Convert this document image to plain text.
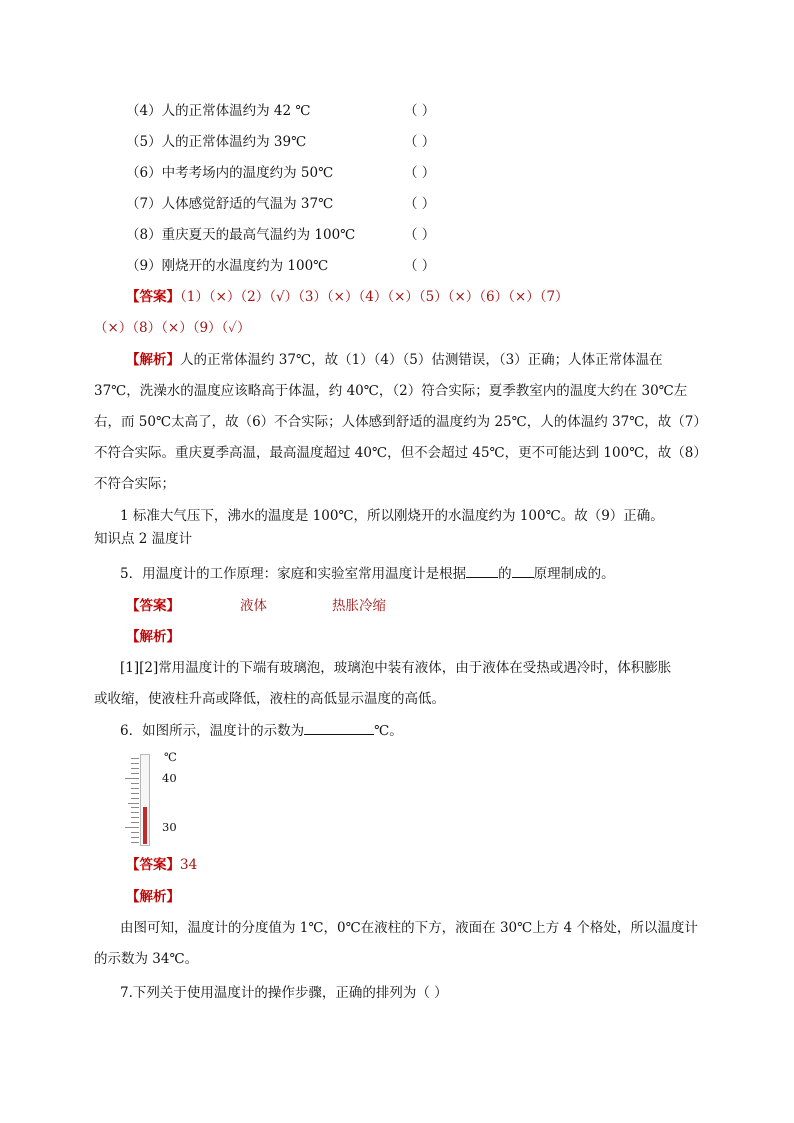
（4）人的正常体温约为 42 ℃	（ ）
（5）人的正常体温约为 39℃	（ ）
（6）中考考场内的温度约为 50℃	（ ）
（7）人体感觉舒适的气温为 37℃	（ ）
（8）重庆夏天的最高气温约为 100℃	（ ）
（9）刚烧开的水温度约为 100℃	（ ）
【答案】（1）（×）（2）（√）（3）（×）（4）（×）（5）（×）（6）（×）（7）
（×）（8）（×）（9）（✓）
【解析】人的正常体温约 37℃，故（1）（4）（5）估测错误，（3）正确；人体正常体温在
37℃，洗澡水的温度应该略高于体温，约 40℃，（2）符合实际；夏季教室内的温度大约在 30℃左
右，而 50℃太高了，故（6）不合实际；人体感到舒适的温度约为 25℃，人的体温约 37℃，故（7）
不符合实际。重庆夏季高温，最高温度超过 40℃，但不会超过 45℃，更不可能达到 100℃，故（8）
不符合实际；
1 标准大气压下，沸水的温度是 100℃，所以刚烧开的水温度约为 100℃。故（9）正确。
知识点 2 温度计
5．用温度计的工作原理：家庭和实验室常用温度计是根据 的 原理制成的。
【答案】	液体	热胀冷缩
【解析】
[1][2]常用温度计的下端有玻璃泡，玻璃泡中装有液体，由于液体在受热或遇冷时，体积膨胀
或收缩，使液柱升高或降低，液柱的高低显示温度的高低。
6．如图所示，温度计的示数为	℃。
℃
40
30
【答案】34
【解析】
由图可知，温度计的分度值为 1℃，0℃在液柱的下方，液面在 30℃上方 4 个格处，所以温度计
的示数为 34℃。
7.下列关于使用温度计的操作步骤，正确的排列为（ ）
